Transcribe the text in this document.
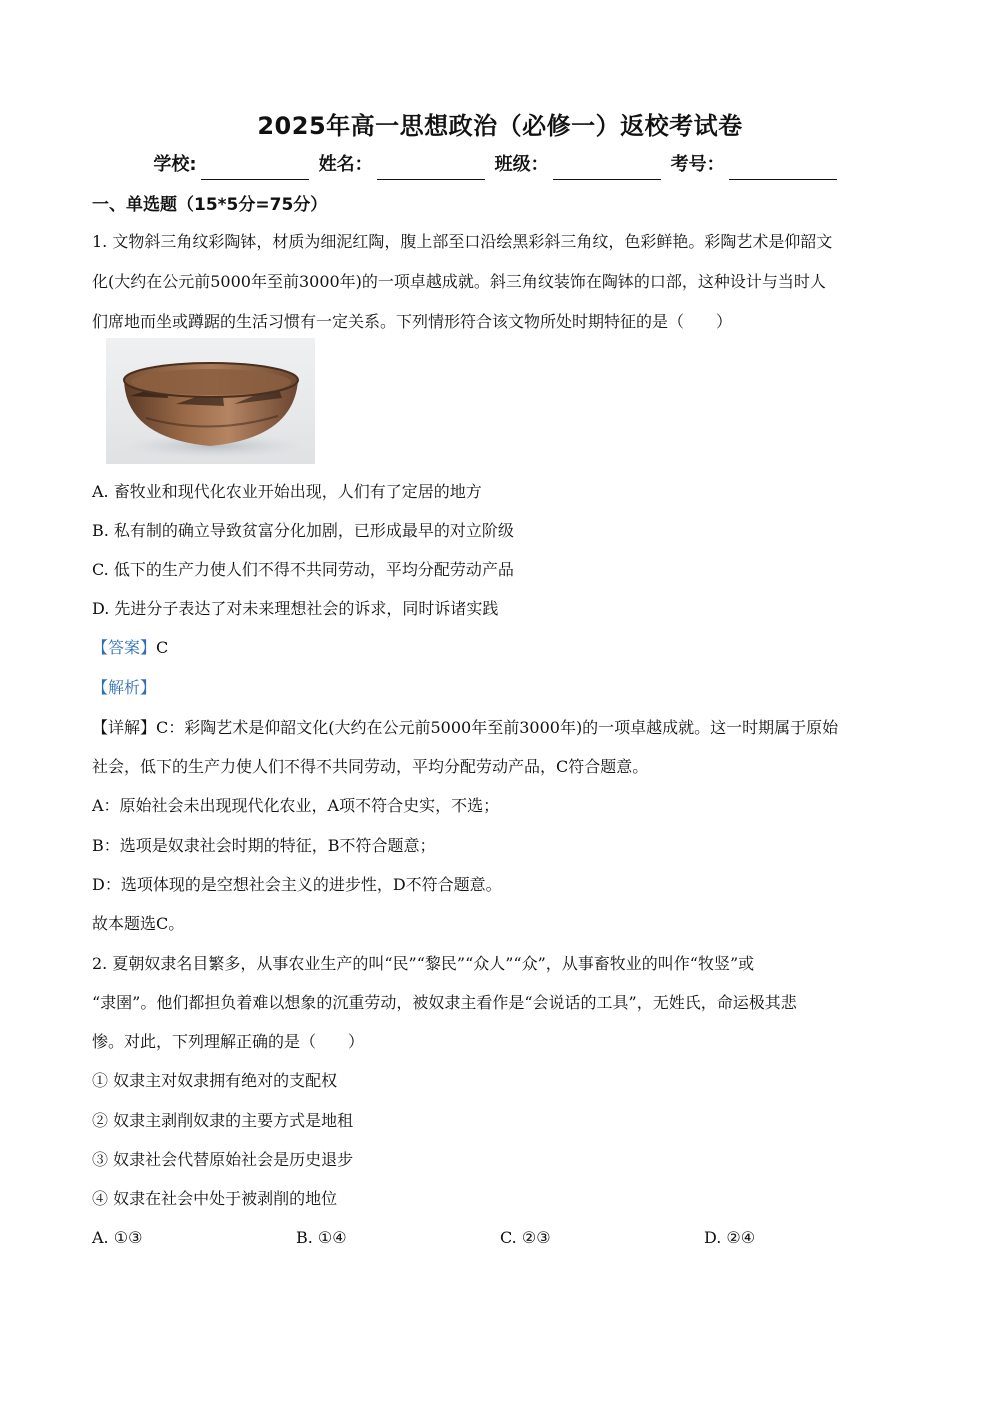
2025年高一思想政治（必修一）返校考试卷
学校:	姓名：	班级：	考号：
一、单选题（15*5分=75分）
1. 文物斜三角纹彩陶钵，材质为细泥红陶，腹上部至口沿绘黑彩斜三角纹，色彩鲜艳。彩陶艺术是仰韶文
化(大约在公元前5000年至前3000年)的一项卓越成就。斜三角纹装饰在陶钵的口部，这种设计与当时人
们席地而坐或蹲踞的生活习惯有一定关系。下列情形符合该文物所处时期特征的是（　　）
A. 畜牧业和现代化农业开始出现，人们有了定居的地方
B. 私有制的确立导致贫富分化加剧，已形成最早的对立阶级
C. 低下的生产力使人们不得不共同劳动，平均分配劳动产品
D. 先进分子表达了对未来理想社会的诉求，同时诉诸实践
【答案】C
【解析】
【详解】C：彩陶艺术是仰韶文化(大约在公元前5000年至前3000年)的一项卓越成就。这一时期属于原始
社会，低下的生产力使人们不得不共同劳动，平均分配劳动产品，C符合题意。
A：原始社会未出现现代化农业，A项不符合史实，不选；
B：选项是奴隶社会时期的特征，B不符合题意；
D：选项体现的是空想社会主义的进步性，D不符合题意。
故本题选C。
2. 夏朝奴隶名目繁多，从事农业生产的叫“民”“黎民”“众人”“众”，从事畜牧业的叫作“牧竖”或
“隶圉”。他们都担负着难以想象的沉重劳动，被奴隶主看作是“会说话的工具”，无姓氏，命运极其悲
惨。对此，下列理解正确的是（　　）
① 奴隶主对奴隶拥有绝对的支配权
② 奴隶主剥削奴隶的主要方式是地租
③ 奴隶社会代替原始社会是历史退步
④ 奴隶在社会中处于被剥削的地位
A. ①③	B. ①④	C. ②③	D. ②④
